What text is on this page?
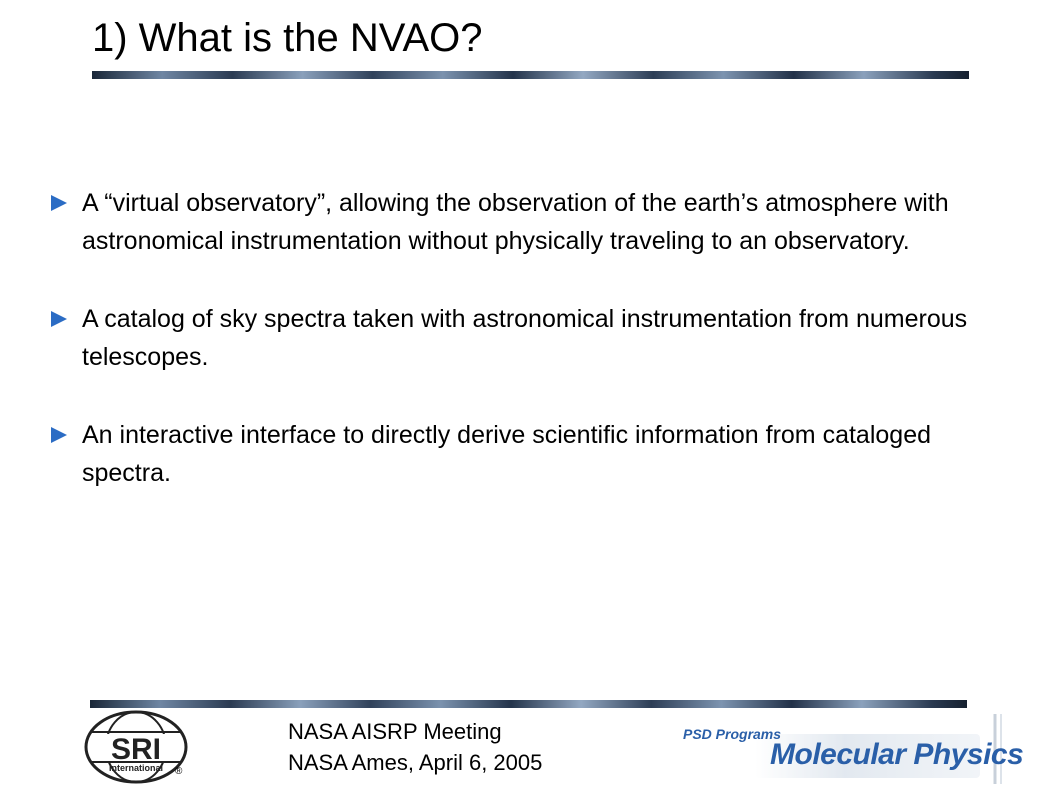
1) What is the NVAO?
A “virtual observatory”, allowing the observation of the earth’s atmosphere with astronomical instrumentation without physically traveling to an observatory.
A catalog of sky spectra taken with astronomical instrumentation from numerous telescopes.
An interactive interface to directly derive scientific information from cataloged spectra.
SRI
International ®
NASA AISRP Meeting
NASA Ames, April 6, 2005
PSD Programs
Molecular Physics
